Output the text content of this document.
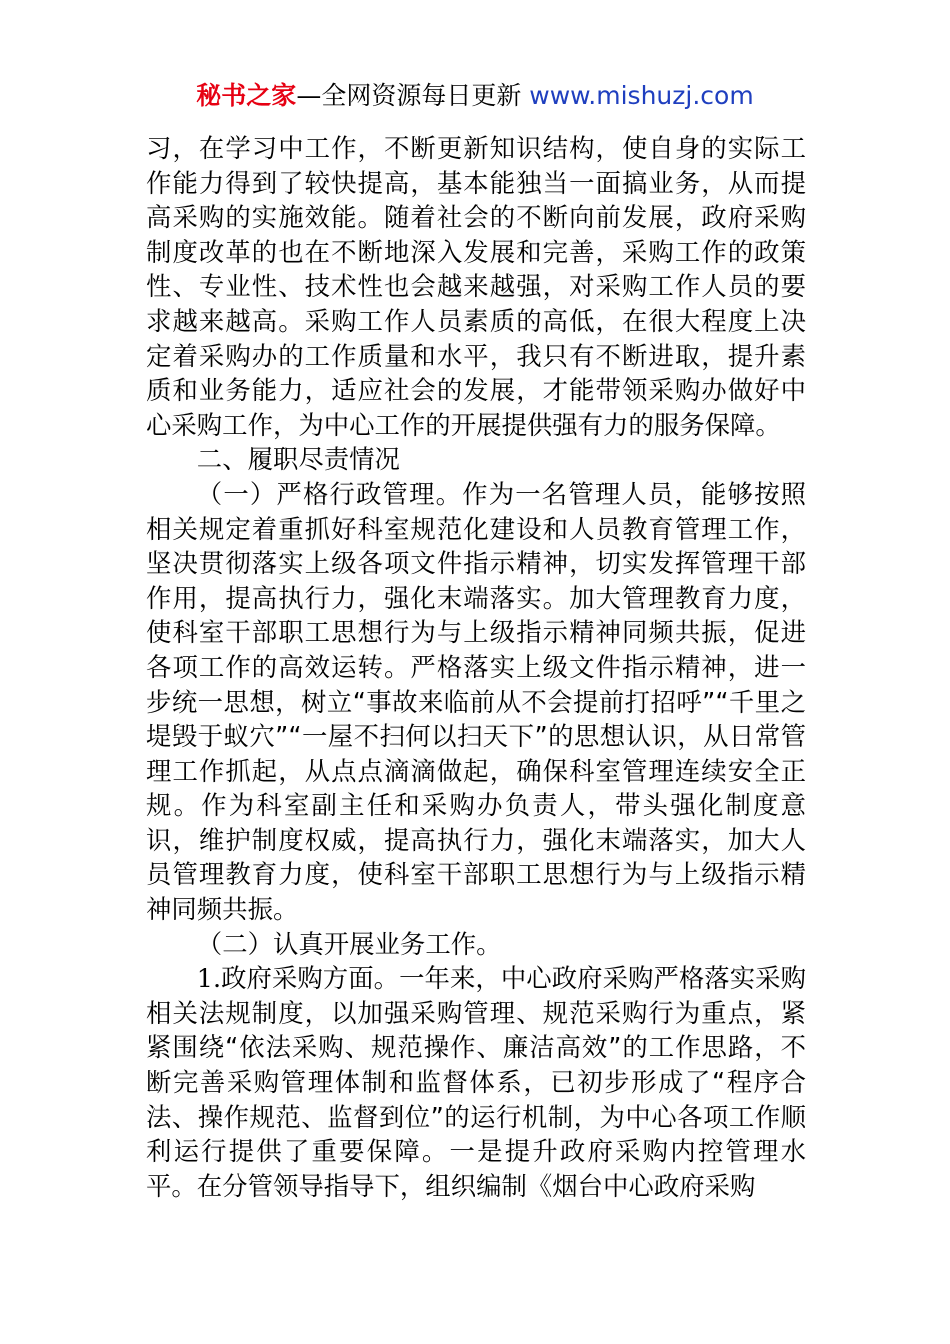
秘书之家—全网资源每日更新 www.mishuzj.com

习，在学习中工作，不断更新知识结构，使自身的实际工作能力得到了较快提高，基本能独当一面搞业务，从而提高采购的实施效能。随着社会的不断向前发展，政府采购制度改革的也在不断地深入发展和完善，采购工作的政策性、专业性、技术性也会越来越强，对采购工作人员的要求越来越高。采购工作人员素质的高低，在很大程度上决定着采购办的工作质量和水平，我只有不断进取，提升素质和业务能力，适应社会的发展，才能带领采购办做好中心采购工作，为中心工作的开展提供强有力的服务保障。

二、履职尽责情况

（一）严格行政管理。作为一名管理人员，能够按照相关规定着重抓好科室规范化建设和人员教育管理工作，坚决贯彻落实上级各项文件指示精神，切实发挥管理干部作用，提高执行力，强化末端落实。加大管理教育力度，使科室干部职工思想行为与上级指示精神同频共振，促进各项工作的高效运转。严格落实上级文件指示精神，进一步统一思想，树立“事故来临前从不会提前打招呼”“千里之堤毁于蚁穴”“一屋不扫何以扫天下”的思想认识，从日常管理工作抓起，从点点滴滴做起，确保科室管理连续安全正规。作为科室副主任和采购办负责人，带头强化制度意识，维护制度权威，提高执行力，强化末端落实，加大人员管理教育力度，使科室干部职工思想行为与上级指示精神同频共振。

（二）认真开展业务工作。

1.政府采购方面。一年来，中心政府采购严格落实采购相关法规制度，以加强采购管理、规范采购行为重点，紧紧围绕“依法采购、规范操作、廉洁高效”的工作思路，不断完善采购管理体制和监督体系，已初步形成了“程序合法、操作规范、监督到位”的运行机制，为中心各项工作顺利运行提供了重要保障。一是提升政府采购内控管理水平。在分管领导指导下，组织编制《烟台中心政府采购
